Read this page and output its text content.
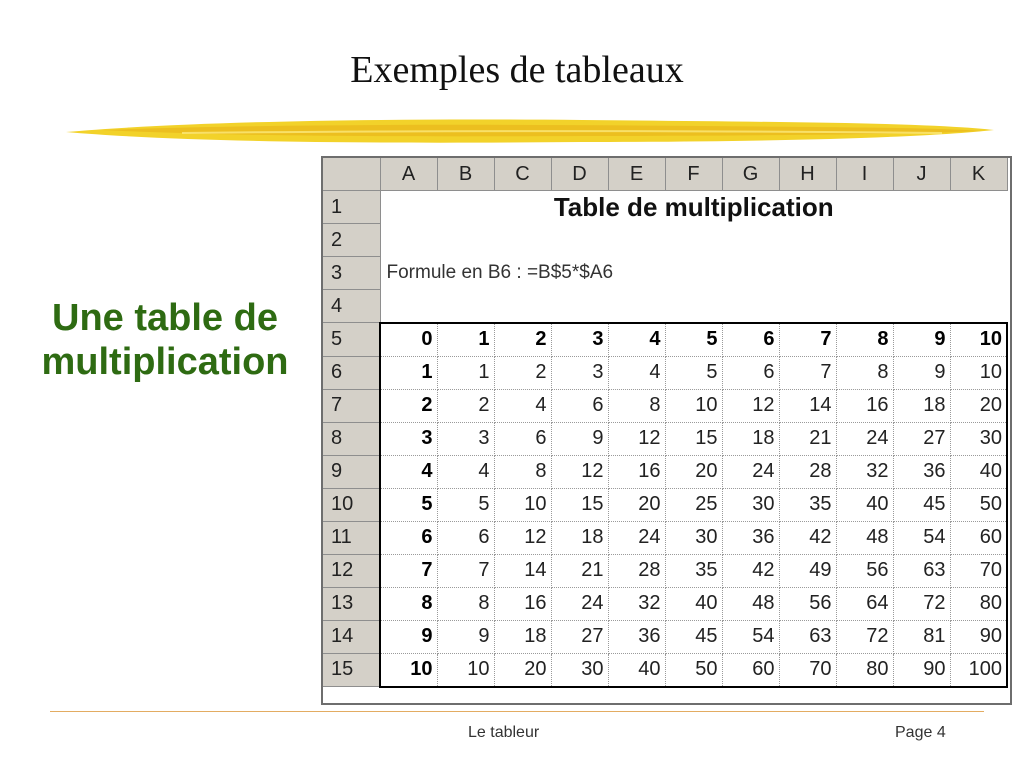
Exemples de tableaux
Une table de
multiplication
	A	B	C	D	E	F	G	H	I	J	K
1	Table de multiplication										
2											
3	Formule en B6 : =B$5*$A6										
4											
5	0	1	2	3	4	5	6	7	8	9	10
6	1	1	2	3	4	5	6	7	8	9	10
7	2	2	4	6	8	10	12	14	16	18	20
8	3	3	6	9	12	15	18	21	24	27	30
9	4	4	8	12	16	20	24	28	32	36	40
10	5	5	10	15	20	25	30	35	40	45	50
11	6	6	12	18	24	30	36	42	48	54	60
12	7	7	14	21	28	35	42	49	56	63	70
13	8	8	16	24	32	40	48	56	64	72	80
14	9	9	18	27	36	45	54	63	72	81	90
15	10	10	20	30	40	50	60	70	80	90	100
Le tableur	Page 4
